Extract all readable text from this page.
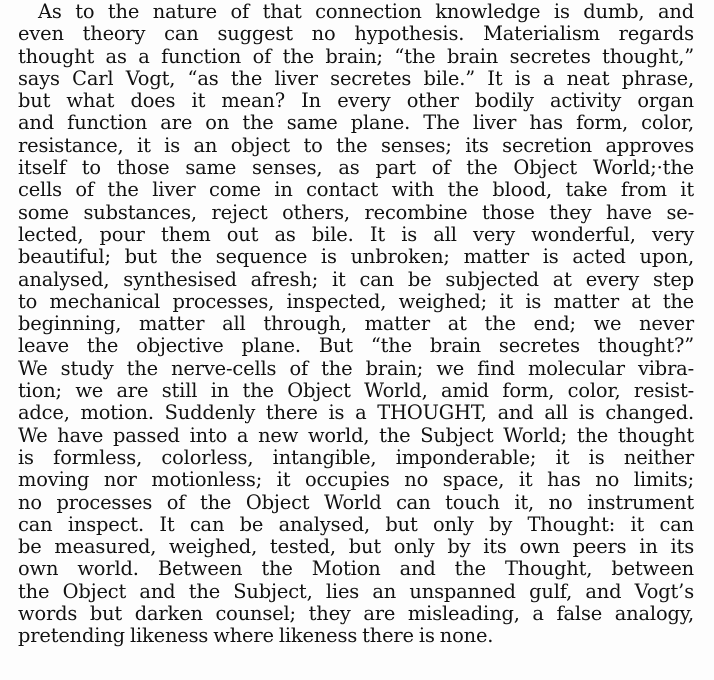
As to the nature of that connection knowledge is dumb, and
even theory can suggest no hypothesis. Materialism regards
thought as a function of the brain; “the brain secretes thought,”
says Carl Vogt, “as the liver secretes bile.” It is a neat phrase,
but what does it mean? In every other bodily activity organ
and function are on the same plane. The liver has form, color,
resistance, it is an object to the senses; its secretion approves
itself to those same senses, as part of the Object World;·the
cells of the liver come in contact with the blood, take from it
some substances, reject others, recombine those they have se-
lected, pour them out as bile. It is all very wonderful, very
beautiful; but the sequence is unbroken; matter is acted upon,
analysed, synthesised afresh; it can be subjected at every step
to mechanical processes, inspected, weighed; it is matter at the
beginning, matter all through, matter at the end; we never
leave the objective plane. But “the brain secretes thought?”
We study the nerve-cells of the brain; we find molecular vibra-
tion; we are still in the Object World, amid form, color, resist-
adce, motion. Suddenly there is a THOUGHT, and all is changed.
We have passed into a new world, the Subject World; the thought
is formless, colorless, intangible, imponderable; it is neither
moving nor motionless; it occupies no space, it has no limits;
no processes of the Object World can touch it, no instrument
can inspect. It can be analysed, but only by Thought: it can
be measured, weighed, tested, but only by its own peers in its
own world. Between the Motion and the Thought, between
the Object and the Subject, lies an unspanned gulf, and Vogt’s
words but darken counsel; they are misleading, a false analogy,
pretending likeness where likeness there is none.
